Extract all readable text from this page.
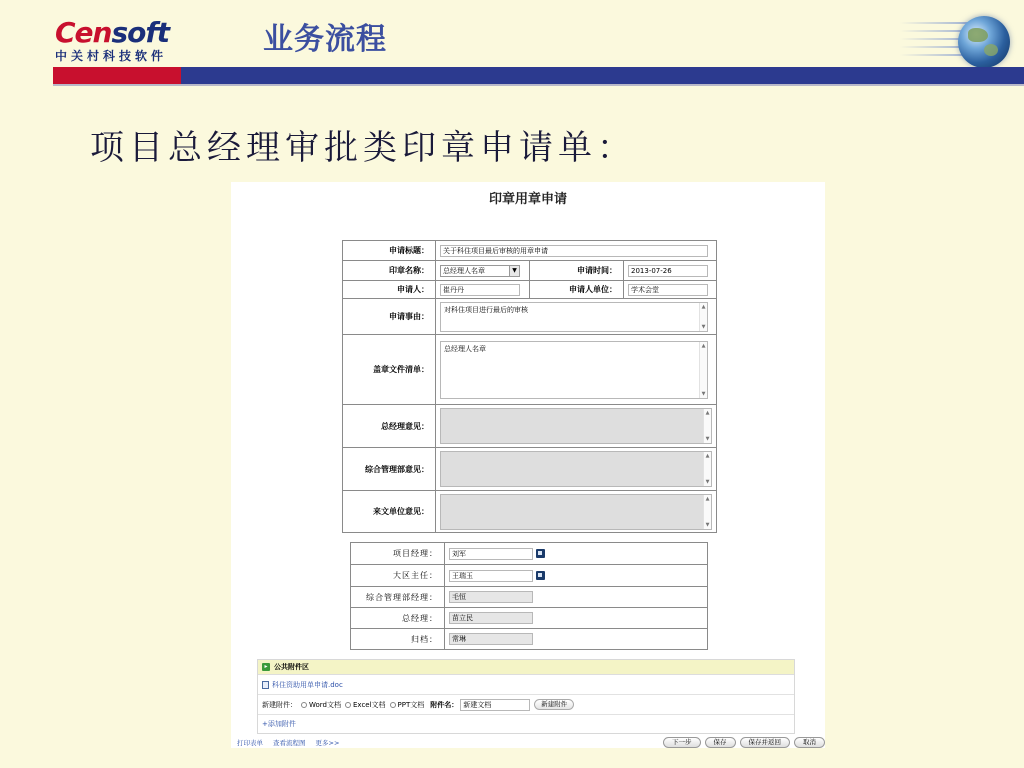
Censoft
中关村科技软件	业务流程
项目总经理审批类印章申请单：
印章用章申请
申请标题：	关于科住项目最后审核的用章申请		
印章名称：	总经理人名章 ▼	申请时间：	2013-07-26
申请人：	崔丹丹	申请人单位：	学术会堂
申请事由：	对科住项目进行最后的审核 ▲
▼		

盖章文件清单：	总经理人名章 ▲
▼		

总经理意见：	▲
▼		

综合管理部意见：	▲
▼		

来文单位意见：	▲
▼		
项目经理：	刘军
大区主任：	王瑞玉
综合管理部经理：	毛恒
总经理：	苗立民
归档：	常琳
▸ 公共附件区
科住资助用单申请.doc
新建附件： Word文档 Excel文档 PPT文档 附件名： 新建文档	新建附件
+添加附件
打印表单 查看流程图 更多>>	下一步	保存	保存并返回	取消
